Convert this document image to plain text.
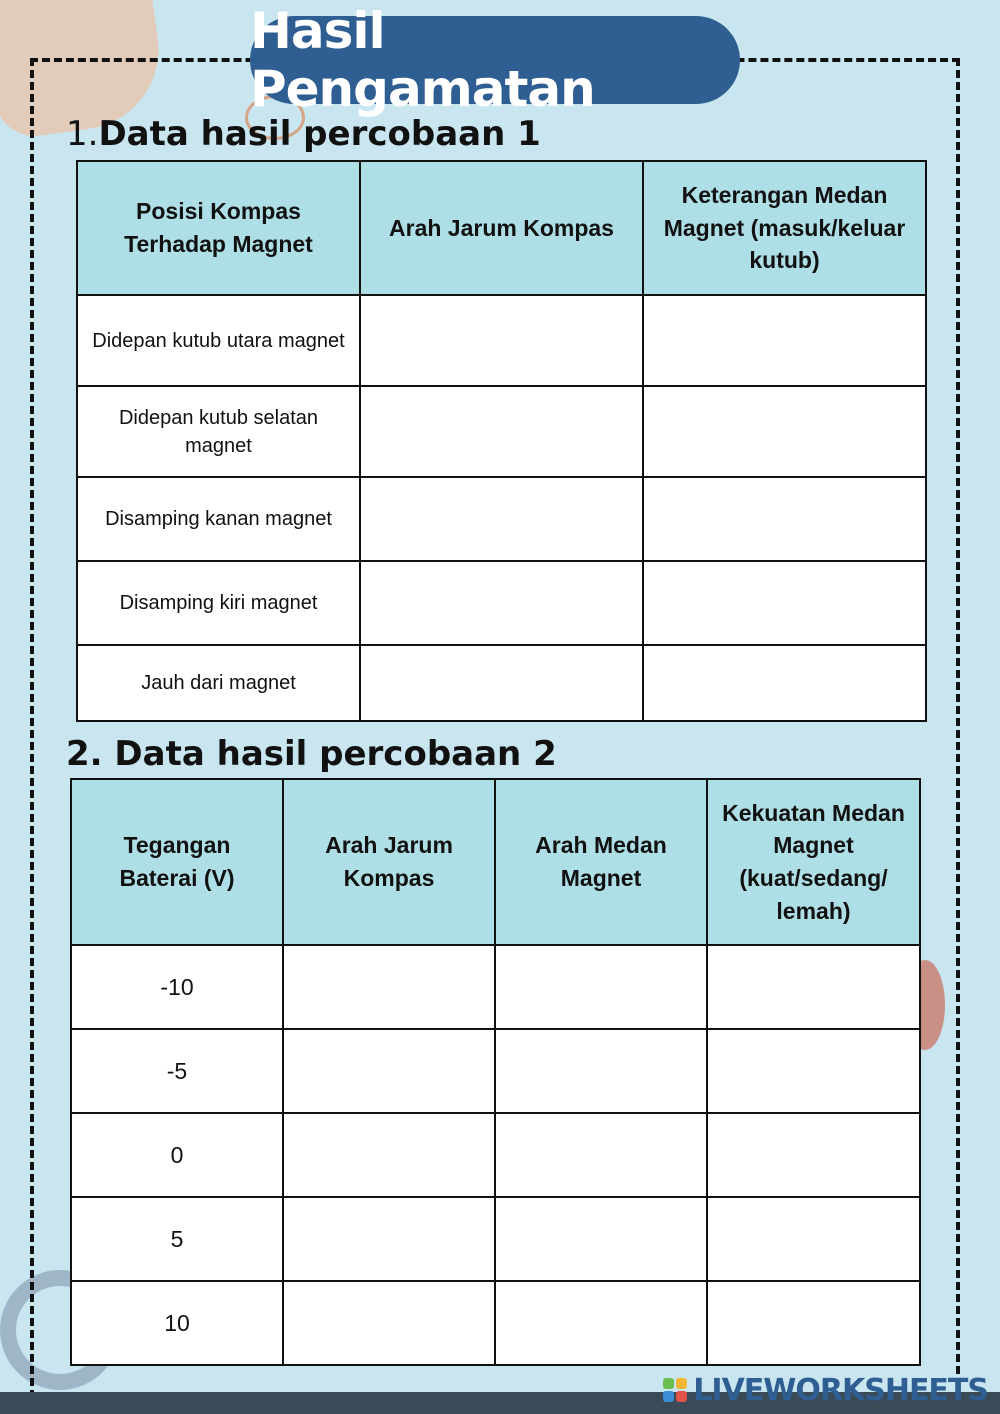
Hasil Pengamatan
1.Data hasil percobaan 1
Posisi Kompas Terhadap Magnet	Arah Jarum Kompas	Keterangan Medan Magnet (masuk/keluar kutub)
Didepan kutub utara magnet		
Didepan kutub selatan magnet		
Disamping kanan magnet		
Disamping kiri magnet		
Jauh dari magnet		
2. Data hasil percobaan 2
Tegangan Baterai (V)	Arah Jarum Kompas	Arah Medan Magnet	Kekuatan Medan Magnet (kuat/sedang/ lemah)
-10			
-5			
0			
5			
10			
LIVEWORKSHEETS
